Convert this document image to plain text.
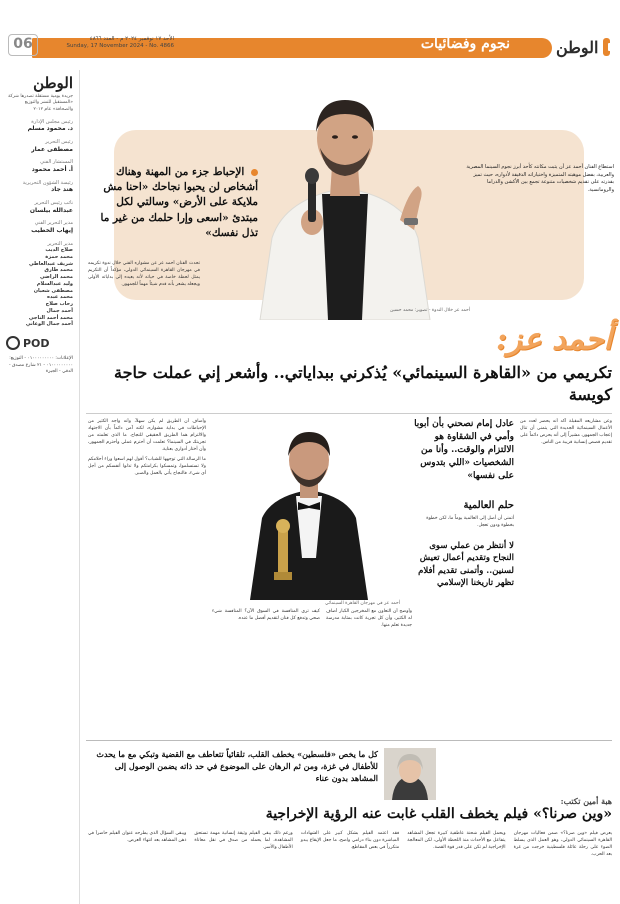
نجوم وفضائيات	الوطن
الأحد ١٧ نوفمبر ٢٠٢٤ م - العدد ٤٨٦٦
Sunday, 17 November 2024 - No. 4866
06
الوطن
جريدة يومية مستقلة تصدرها شركة «المستقبل للنشر والتوزيع والصحافة» عام ٢٠١٢
رئيس مجلس الإدارة
د. محمود مسلم
رئيس التحرير
مصطفى عمار
المستشار الفني
أ. أحمد محمود
رئيسة الشؤون التحريرية
هند جاد
نائب رئيس التحرير
عبدالله بيلسان
مدير التحرير الفني
إيهاب الخطيب
مدير التحرير
صلاح الديب
محمد حمزة
شريف عبدالعاطي
محمد طارق
محمد الراضي
وليد عبدالسلام
مصطفى شعبان
محمد عبده
رحاب صلاح
أحمد جمال
محمد أحمد الناجي
أحمد جمال الوعاني
POD
الإعلانات: ٠١٠٠٠٠٠٠٠٠٠ - التوزيع: ٠١٠٠٠٠٠٠٠٠٠ - ٢١ شارع مصدق - الدقي - الجيزة
الإحباط جزء من المهنة وهناك أشخاص لن يحبوا نجاحك «احنا مش ملايكة على الأرض» وسالتي لكل مبتدئ «اسعى وإرا حلمك من غير ما تذل نفسك»
استطاع الفنان أحمد عز أن يثبت مكانته كأحد أبرز نجوم السينما المصرية والعربية، بفضل موهبته المتميزة واختياراته الدقيقة لأدواره، حيث تميز بقدرته على تقديم شخصيات متنوعة تجمع بين الأكشن والدراما والرومانسية.
أحمد عز خلال الندوة - تصوير: محمد حسين
أحمد عز:
تكريمي من «القاهرة السينمائي» يُذكرني ببداياتي.. وأشعر إني عملت حاجة كويسة

تحدث الفنان أحمد عز عن مشواره الفني خلال ندوة تكريمه في مهرجان القاهرة السينمائي الدولي، مؤكداً أن التكريم يمثل لحظة خاصة في حياته لأنه يعيده إلى بداياته الأولى ويجعله يشعر بأنه قدم شيئاً مهماً للجمهور.

وأضاف أن الطريق لم يكن سهلاً، وأنه واجه الكثير من الإحباطات في بداية مشواره، لكنه آمن دائماً بأن الاجتهاد والالتزام هما الطريق الحقيقي للنجاح. ما الذي تعلمته من تجربتك في السينما؟ تعلمت أن أحترم عملي وأحترم الجمهور، وأن أختار أدواري بعناية.

ما الرسالة التي توجهها للشباب؟ أقول لهم اسعوا وراء أحلامكم ولا تستسلموا، وتمسكوا بكرامتكم ولا تذلوا أنفسكم من أجل أي شيء، فالنجاح يأتي بالعمل والصبر.

كيف ترى المنافسة في السوق الآن؟ المنافسة شيء صحي وتدفع كل فنان لتقديم أفضل ما عنده.

وأوضح أن التعاون مع المخرجين الكبار أضاف له الكثير، وأن كل تجربة كانت بمثابة مدرسة جديدة تعلم منها.

وعن مشاريعه المقبلة أكد أنه يحضر لعدد من الأعمال السينمائية الجديدة التي يتمنى أن تنال إعجاب الجمهور، مشيراً إلى أنه يحرص دائماً على تقديم قصص إنسانية قريبة من الناس.

أحمد عز في مهرجان القاهرة السينمائي
عادل إمام نصحني بأن أبوبا وأمي في الشقاوة هو الالتزام والوقت.. وأنا من الشخصيات «اللي بتدوس على نفسها»
حلم العالمية
أتمنى أن أصل إلى العالمية يوماً ما، لكن خطوة بخطوة ودون تعجل.
لا أنتظر من عملي سوى النجاح وتقديم أعمال تعيش لسنين.. وأتمنى تقديم أفلام تظهر تاريخنا الإسلامي
كل ما يخص «فلسطين» يخطف القلب، تلقائياً تتعاطف مع القضية وتبكي مع ما يحدث للأطفال في غزة، ومن ثم الرهان على الموضوع في حد ذاته يضمن الوصول إلى المشاهد بدون عناء
هبة أمين تكتب:
«وين صرنا؟» فيلم يخطف القلب غابت عنه الرؤية الإخراجية

يعرض فيلم «وين صرنا؟» ضمن فعاليات مهرجان القاهرة السينمائي الدولي، وهو العمل الذي يسلط الضوء على رحلة عائلة فلسطينية خرجت من غزة بعد الحرب.

ويحمل الفيلم شحنة عاطفية كبيرة تجعل المشاهد يتفاعل مع الأحداث منذ اللحظة الأولى، لكن المعالجة الإخراجية لم تكن على قدر قوة القصة.

فقد اعتمد الفيلم بشكل كبير على الشهادات المباشرة دون بناء درامي واضح، ما جعل الإيقاع يبدو متكرراً في بعض المقاطع.

ورغم ذلك يبقى الفيلم وثيقة إنسانية مهمة تستحق المشاهدة، لما يحمله من صدق في نقل معاناة الأطفال والأسر.

ويبقى السؤال الذي يطرحه عنوان الفيلم حاضراً في ذهن المشاهد بعد انتهاء العرض.
